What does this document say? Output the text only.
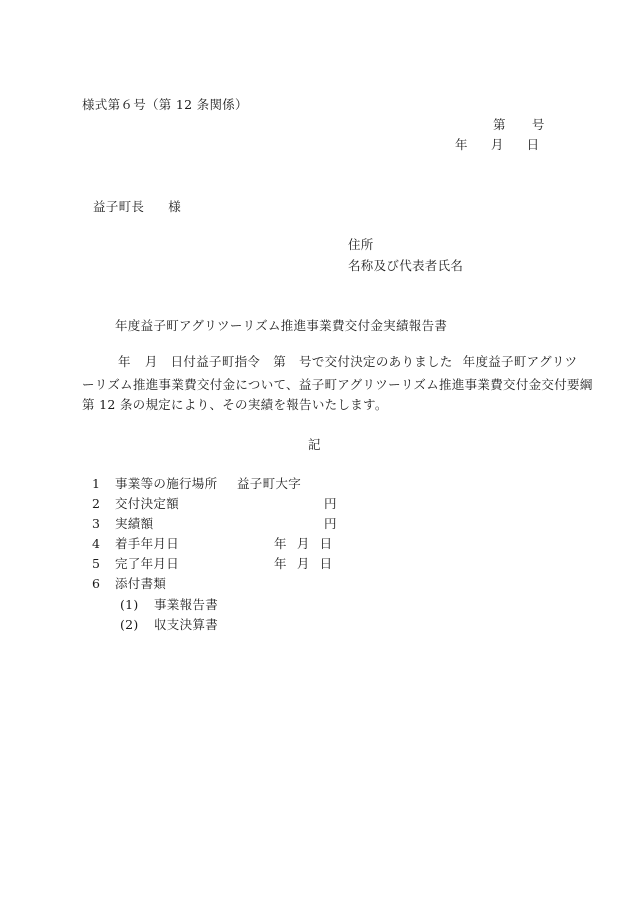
様式第６号（第 12 条関係）
第 号
年 月 日
益子町長 様
住所
名称及び代表者氏名
年度益子町アグリツーリズム推進事業費交付金実績報告書
年 月 日付益子町指令 第 号で交付決定のありました 年度益子町アグリツ
ーリズム推進事業費交付金について、益子町アグリツーリズム推進事業費交付金交付要綱
第 12 条の規定により、その実績を報告いたします。
記
1 事業等の施行場所 益子町大字
2 交付決定額	円
3 実績額	円
4 着手年月日	年 月 日
5 完了年月日	年 月 日
6 添付書類
(1) 事業報告書
(2) 収支決算書
